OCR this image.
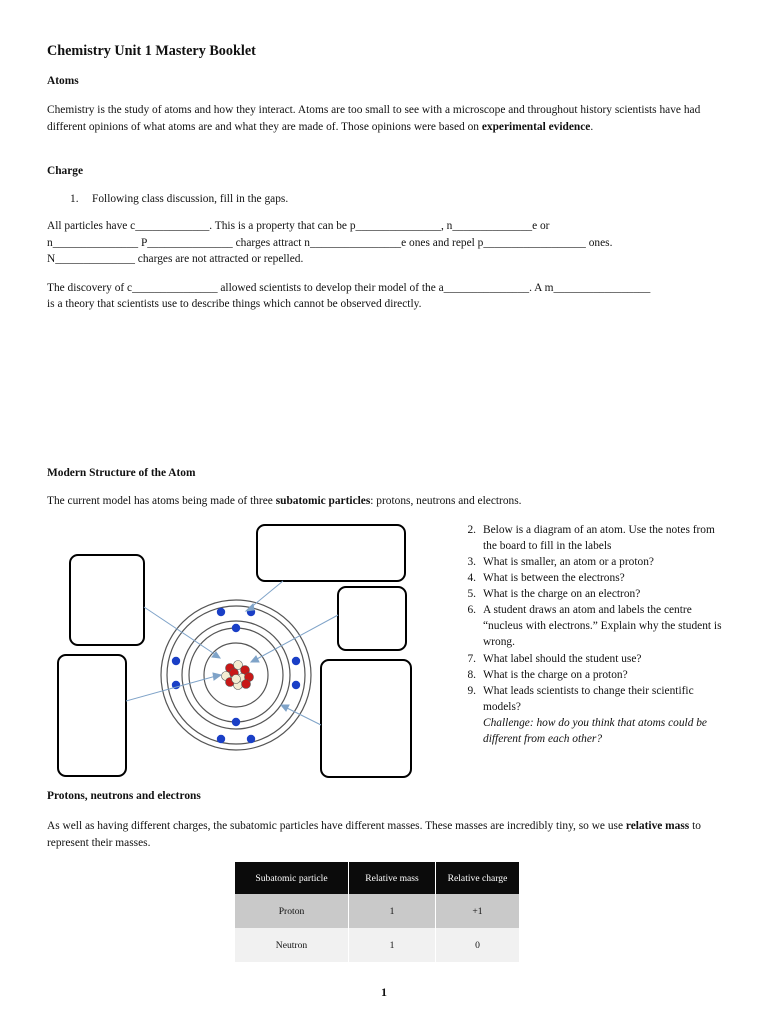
Chemistry Unit 1 Mastery Booklet
Atoms
Chemistry is the study of atoms and how they interact. Atoms are too small to see with a microscope and throughout history scientists have had different opinions of what atoms are and what they are made of. Those opinions were based on experimental evidence.
Charge
1. Following class discussion, fill in the gaps.
All particles have c_____________. This is a property that can be p_______________, n______________e or
n_______________ P_______________ charges attract n________________e ones and repel p__________________ ones.
N______________ charges are not attracted or repelled.
The discovery of c_______________ allowed scientists to develop their model of the a_______________. A m_________________
is a theory that scientists use to describe things which cannot be observed directly.
Modern Structure of the Atom
The current model has atoms being made of three subatomic particles: protons, neutrons and electrons.
2. Below is a diagram of an atom. Use the notes from the board to fill in the labels
3. What is smaller, an atom or a proton?
4. What is between the electrons?
5. What is the charge on an electron?
6. A student draws an atom and labels the centre “nucleus with electrons.” Explain why the student is wrong.
7. What label should the student use?
8. What is the charge on a proton?
9. What leads scientists to change their scientific models?
Challenge: how do you think that atoms could be different from each other?
Protons, neutrons and electrons
As well as having different charges, the subatomic particles have different masses. These masses are incredibly tiny, so we use relative mass to represent their masses.
Subatomic particle	Relative mass	Relative charge
Proton	1	+1
Neutron	1	0
1
